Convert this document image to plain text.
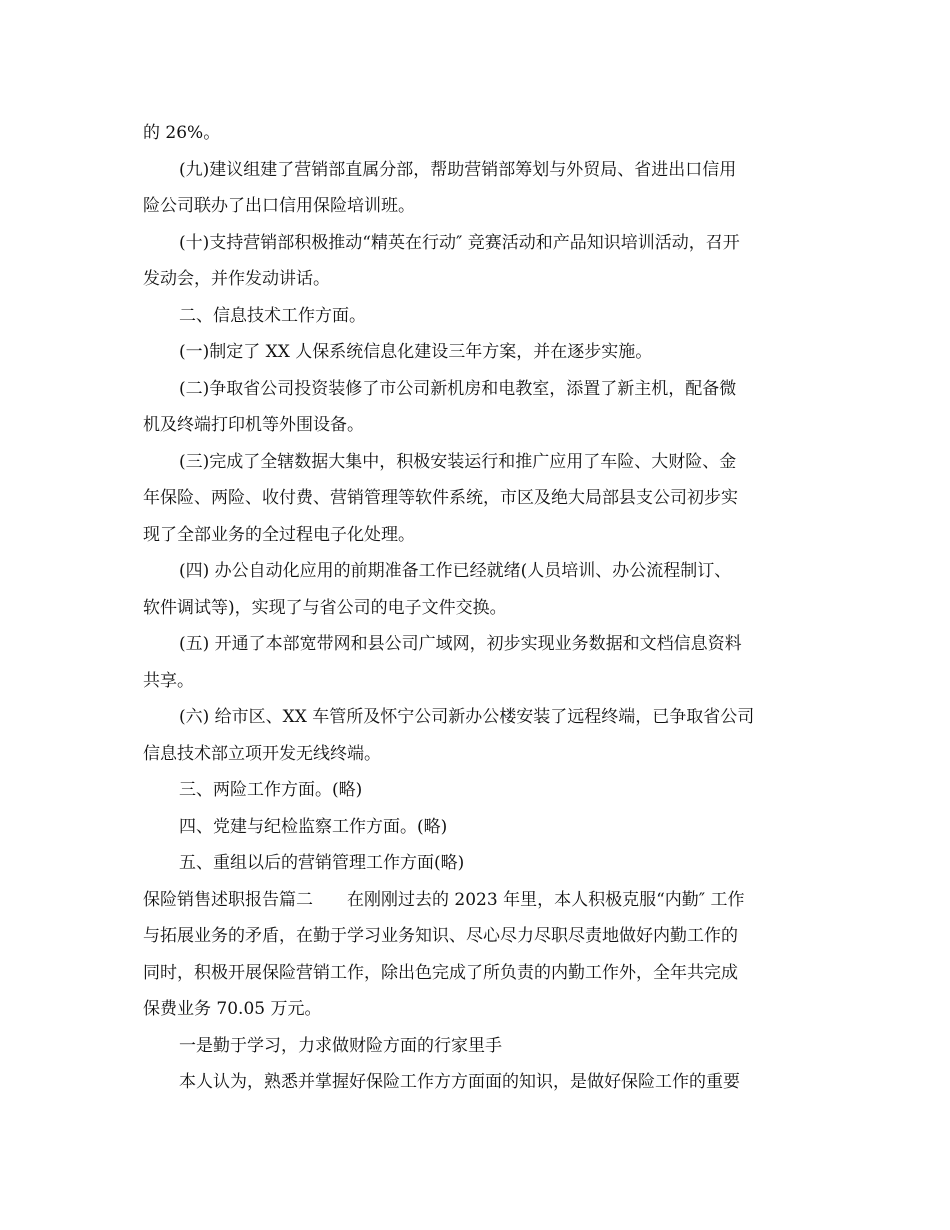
的 26%。
(九)建议组建了营销部直属分部，帮助营销部筹划与外贸局、省进出口信用
险公司联办了出口信用保险培训班。
(十)支持营销部积极推动“精英在行动″ 竞赛活动和产品知识培训活动，召开
发动会，并作发动讲话。
二、信息技术工作方面。
(一)制定了 XX 人保系统信息化建设三年方案，并在逐步实施。
(二)争取省公司投资装修了市公司新机房和电教室，添置了新主机，配备微
机及终端打印机等外围设备。
(三)完成了全辖数据大集中，积极安装运行和推广应用了车险、大财险、金
年保险、两险、收付费、营销管理等软件系统，市区及绝大局部县支公司初步实
现了全部业务的全过程电子化处理。
(四) 办公自动化应用的前期准备工作已经就绪(人员培训、办公流程制订、
软件调试等)，实现了与省公司的电子文件交换。
(五) 开通了本部宽带网和县公司广域网，初步实现业务数据和文档信息资料
共享。
(六) 给市区、XX 车管所及怀宁公司新办公楼安装了远程终端，已争取省公司
信息技术部立项开发无线终端。
三、两险工作方面。(略)
四、党建与纪检监察工作方面。(略)
五、重组以后的营销管理工作方面(略)
保险销售述职报告篇二　　在刚刚过去的 2023 年里，本人积极克服“内勤″ 工作
与拓展业务的矛盾，在勤于学习业务知识、尽心尽力尽职尽责地做好内勤工作的
同时，积极开展保险营销工作，除出色完成了所负责的内勤工作外，全年共完成
保费业务 70.05 万元。
一是勤于学习，力求做财险方面的行家里手
本人认为，熟悉并掌握好保险工作方方面面的知识，是做好保险工作的重要
